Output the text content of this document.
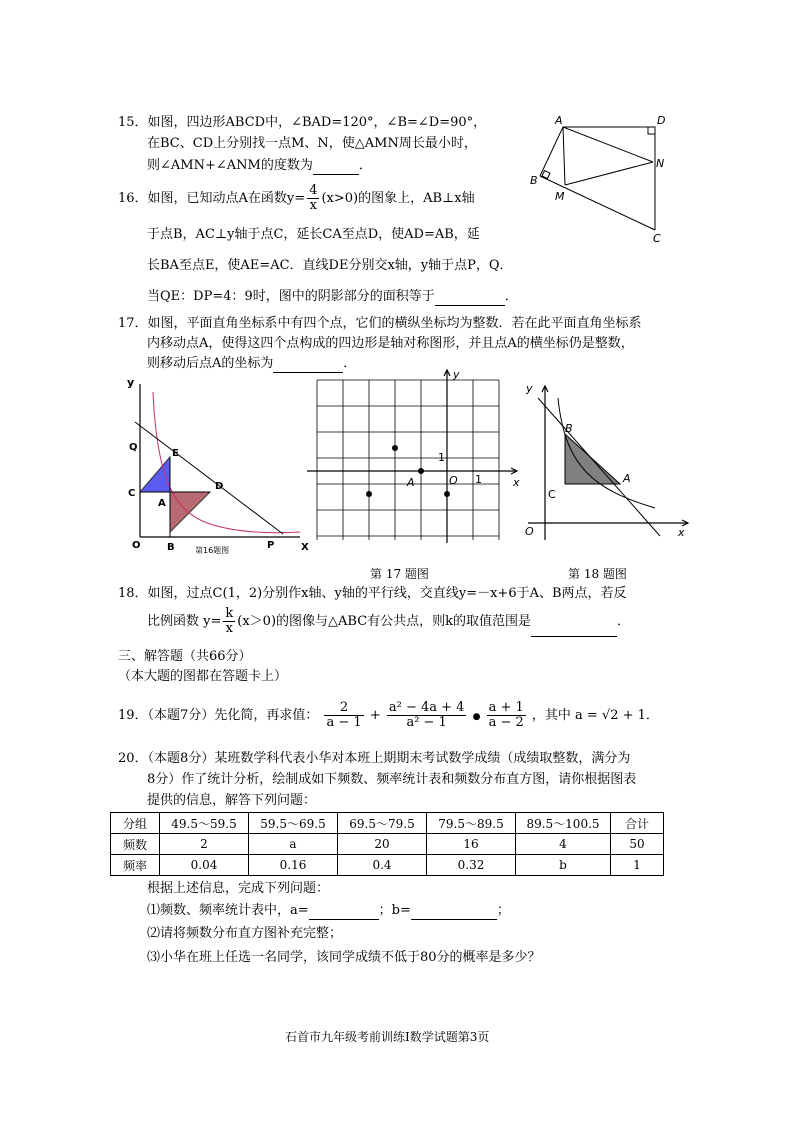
15．如图，四边形ABCD中，∠BAD=120°，∠B=∠D=90°，
在BC、CD上分别找一点M、N，使△AMN周长最小时，
则∠AMN+∠ANM的度数为	．
A	D
B
M
N
C
16．如图，已知动点A在函数$y= \frac{4}{x} (x>0)$的图象上，AB⊥x轴
于点B，AC⊥y轴于点C，延长CA至点D，使AD=AB，延
长BA至点E，使AE=AC．直线DE分别交x轴，y轴于点P，Q．
当QE：DP=4：9时，图中的阴影部分的面积等于	．
17．如图，平面直角坐标系中有四个点，它们的横纵坐标均为整数．若在此平面直角坐标系
内移动点A，使得这四个点构成的四边形是轴对称图形，并且点A的横坐标仍是整数，
则移动后点A的坐标为	．
y
Q
E
C
A
D
O	B	P	X
第16题图
y
x
A	O 1
1
y
x
B
A
C
O
第 17 题图	第 18 题图
18．如图，过点C(1，2)分别作x轴、y轴的平行线，交直线y=－x+6于A、B两点，若反
比例函数 $y= \frac{k}{x} (x>0)$的图像与△ABC有公共点，则k的取值范围是	．
三、解答题（共66分）
（本大题的图都在答题卡上）
19．（本题7分）先化简，再求值： $\frac{2}{a - 1} + \frac{\text{a² − 4a + 4}}{\text{a² − 1}}$ ● $\frac{a + 1}{a - 2}$ ，其中 a = √2 + 1．
20．（本题8分）某班数学科代表小华对本班上期期末考试数学成绩（成绩取整数，满分为
8分）作了统计分析，绘制成如下频数、频率统计表和频数分布直方图，请你根据图表
提供的信息，解答下列问题：
分组	49.5～59.5	59.5～69.5	69.5～79.5	79.5～89.5	89.5～100.5	合计
频数	2	a	20	16	4	50
频率	0.04	0.16	0.4	0.32	b	1
根据上述信息，完成下列问题：
⑴频数、频率统计表中，a=	；b=	；
⑵请将频数分布直方图补充完整；
⑶小华在班上任选一名同学，该同学成绩不低于80分的概率是多少？
石首市九年级考前训练Ⅰ数学试题第3页
